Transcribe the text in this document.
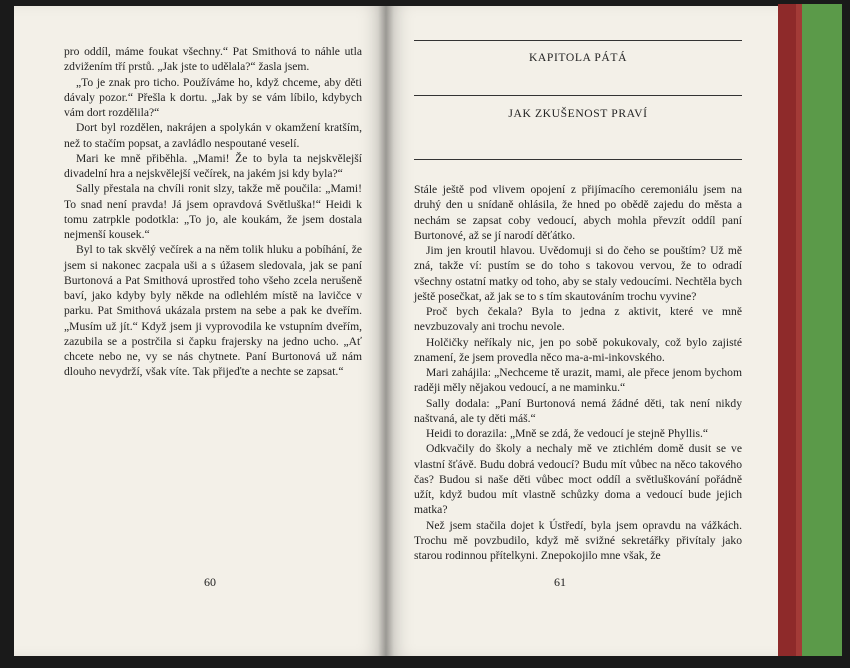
pro oddíl, máme foukat všechny.“ Pat Smithová to náhle utla zdvižením tří prstů. „Jak jste to udělala?“ žasla jsem.

„To je znak pro ticho. Používáme ho, když chceme, aby děti dávaly pozor.“ Přešla k dortu. „Jak by se vám líbilo, kdybych vám dort rozdělila?“

Dort byl rozdělen, nakrájen a spolykán v okamžení kratším, než to stačím popsat, a zavládlo nespoutané veselí.

Mari ke mně přiběhla. „Mami! Že to byla ta nejskvělejší divadelní hra a nejskvělejší večírek, na jakém jsi kdy byla?“

Sally přestala na chvíli ronit slzy, takže mě poučila: „Mami! To snad není pravda! Já jsem opravdová Světluška!“ Heidi k tomu zatrpkle podotkla: „To jo, ale koukám, že jsem dostala nejmenší kousek.“

Byl to tak skvělý večírek a na něm tolik hluku a pobíhání, že jsem si nakonec zacpala uši a s úžasem sledovala, jak se paní Burtonová a Pat Smithová uprostřed toho všeho zcela nerušeně baví, jako kdyby byly někde na odlehlém místě na lavičce v parku. Pat Smithová ukázala prstem na sebe a pak ke dveřím. „Musím už jít.“ Když jsem ji vyprovodila ke vstupním dveřím, zazubila se a postrčila si čapku frajersky na jedno ucho. „Ať chcete nebo ne, vy se nás chytnete. Paní Burtonová už nám dlouho nevydrží, však víte. Tak přijeďte a nechte se zapsat.“

60
KAPITOLA PÁTÁ
JAK ZKUŠENOST PRAVÍ

Stále ještě pod vlivem opojení z přijímacího ceremoniálu jsem na druhý den u snídaně ohlásila, že hned po obědě zajedu do města a nechám se zapsat coby vedoucí, abych mohla převzít oddíl paní Burtonové, až se jí narodí děťátko.

Jim jen kroutil hlavou. Uvědomuji si do čeho se pouštím? Už mě zná, takže ví: pustím se do toho s takovou vervou, že to odradí všechny ostatní matky od toho, aby se staly vedoucími. Nechtěla bych ještě posečkat, až jak se to s tím skautováním trochu vyvine?

Proč bych čekala? Byla to jedna z aktivit, které ve mně nevzbuzovaly ani trochu nevole.

Holčičky neříkaly nic, jen po sobě pokukovaly, což bylo zajisté znamení, že jsem provedla něco ma-a-mi-inkovského.

Mari zahájila: „Nechceme tě urazit, mami, ale přece jenom bychom raději měly nějakou vedoucí, a ne maminku.“

Sally dodala: „Paní Burtonová nemá žádné děti, tak není nikdy naštvaná, ale ty děti máš.“

Heidi to dorazila: „Mně se zdá, že vedoucí je stejně Phyllis.“

Odkvačily do školy a nechaly mě ve ztichlém domě dusit se ve vlastní šťávě. Budu dobrá vedoucí? Budu mít vůbec na něco takového čas? Budou si naše děti vůbec moct oddíl a světluškování pořádně užít, když budou mít vlastně schůzky doma a vedoucí bude jejich matka?

Než jsem stačila dojet k Ústředí, byla jsem opravdu na vážkách. Trochu mě povzbudilo, když mě svižné sekretářky přivítaly jako starou rodinnou přítelkyni. Znepokojilo mne však, že

61
